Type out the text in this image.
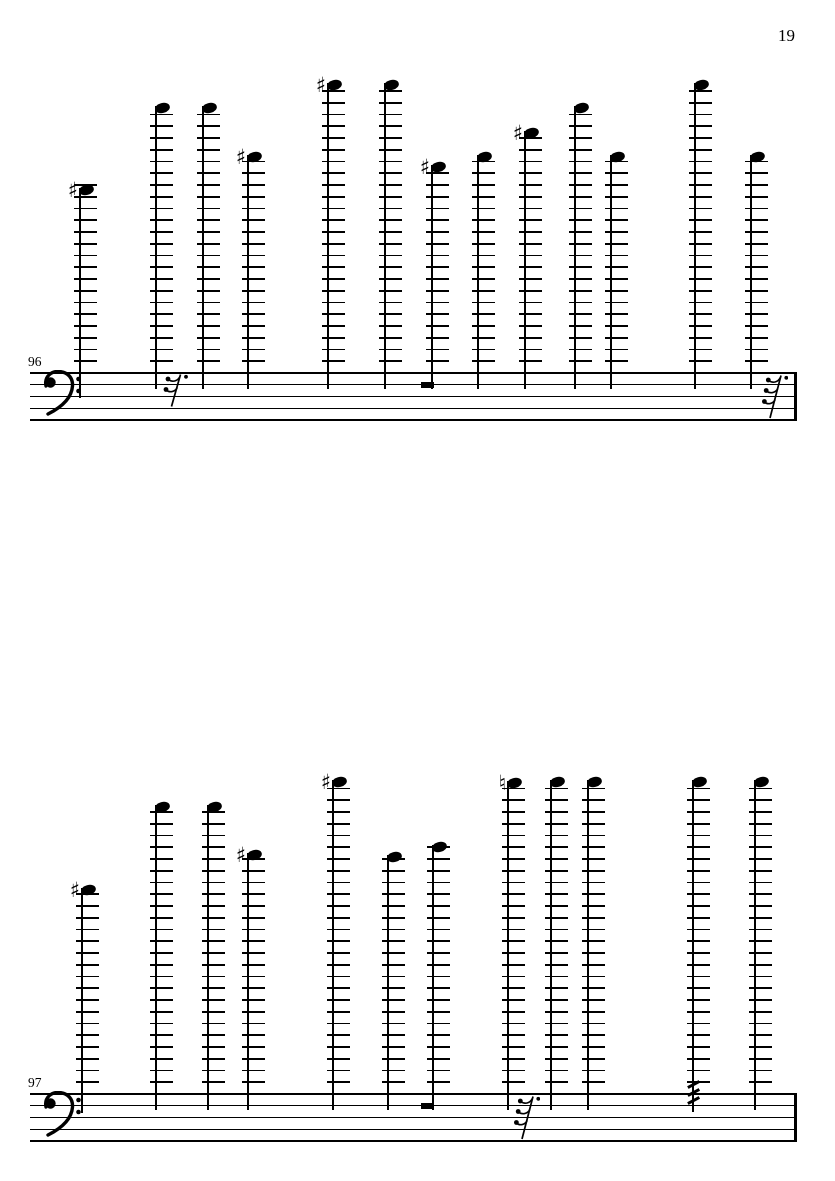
19
96
♯
♯
♯
♯
♯
97
♯
♯
♯	♮
